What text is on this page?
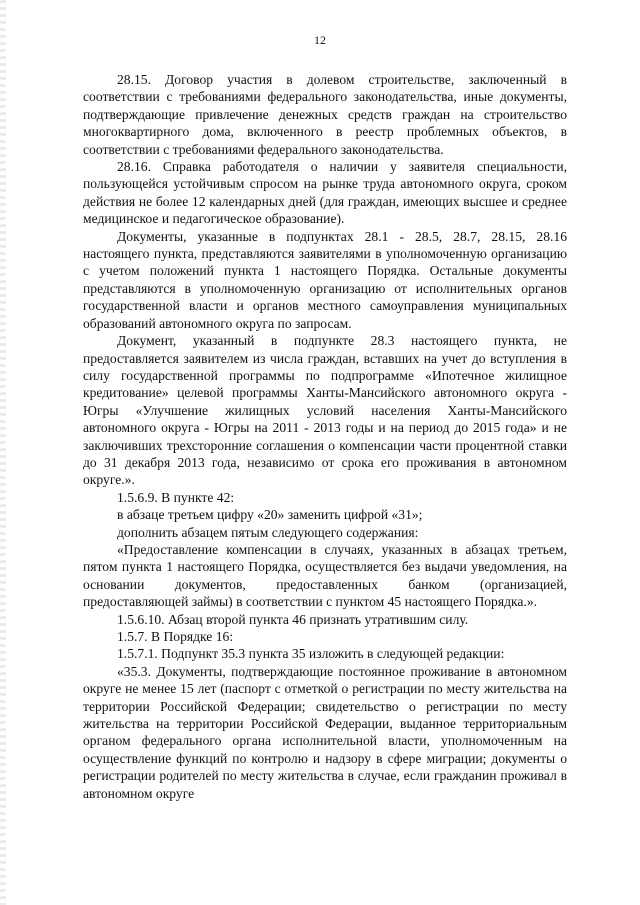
12

28.15. Договор участия в долевом строительстве, заключенный в соответствии с требованиями федерального законодательства, иные документы, подтверждающие привлечение денежных средств граждан на строительство многоквартирного дома, включенного в реестр проблемных объектов, в соответствии с требованиями федерального законодательства.

28.16. Справка работодателя о наличии у заявителя специальности, пользующейся устойчивым спросом на рынке труда автономного округа, сроком действия не более 12 календарных дней (для граждан, имеющих высшее и среднее медицинское и педагогическое образование).

Документы, указанные в подпунктах 28.1 - 28.5, 28.7, 28.15, 28.16 настоящего пункта, представляются заявителями в уполномоченную организацию с учетом положений пункта 1 настоящего Порядка. Остальные документы представляются в уполномоченную организацию от исполнительных органов государственной власти и органов местного самоуправления муниципальных образований автономного округа по запросам.

Документ, указанный в подпункте 28.3 настоящего пункта, не предоставляется заявителем из числа граждан, вставших на учет до вступления в силу государственной программы по подпрограмме «Ипотечное жилищное кредитование» целевой программы Ханты-Мансийского автономного округа - Югры «Улучшение жилищных условий населения Ханты-Мансийского автономного округа - Югры на 2011 - 2013 годы и на период до 2015 года» и не заключивших трехсторонние соглашения о компенсации части процентной ставки до 31 декабря 2013 года, независимо от срока его проживания в автономном округе.».

1.5.6.9. В пункте 42:

в абзаце третьем цифру «20» заменить цифрой «31»;

дополнить абзацем пятым следующего содержания:

«Предоставление компенсации в случаях, указанных в абзацах третьем, пятом пункта 1 настоящего Порядка, осуществляется без выдачи уведомления, на основании документов, предоставленных банком (организацией, предоставляющей займы) в соответствии с пунктом 45 настоящего Порядка.».

1.5.6.10. Абзац второй пункта 46 признать утратившим силу.

1.5.7. В Порядке 16:

1.5.7.1. Подпункт 35.3 пункта 35 изложить в следующей редакции:

«35.3. Документы, подтверждающие постоянное проживание в автономном округе не менее 15 лет (паспорт с отметкой о регистрации по месту жительства на территории Российской Федерации; свидетельство о регистрации по месту жительства на территории Российской Федерации, выданное территориальным органом федерального органа исполнительной власти, уполномоченным на осуществление функций по контролю и надзору в сфере миграции; документы о регистрации родителей по месту жительства в случае, если гражданин проживал в автономном округе
